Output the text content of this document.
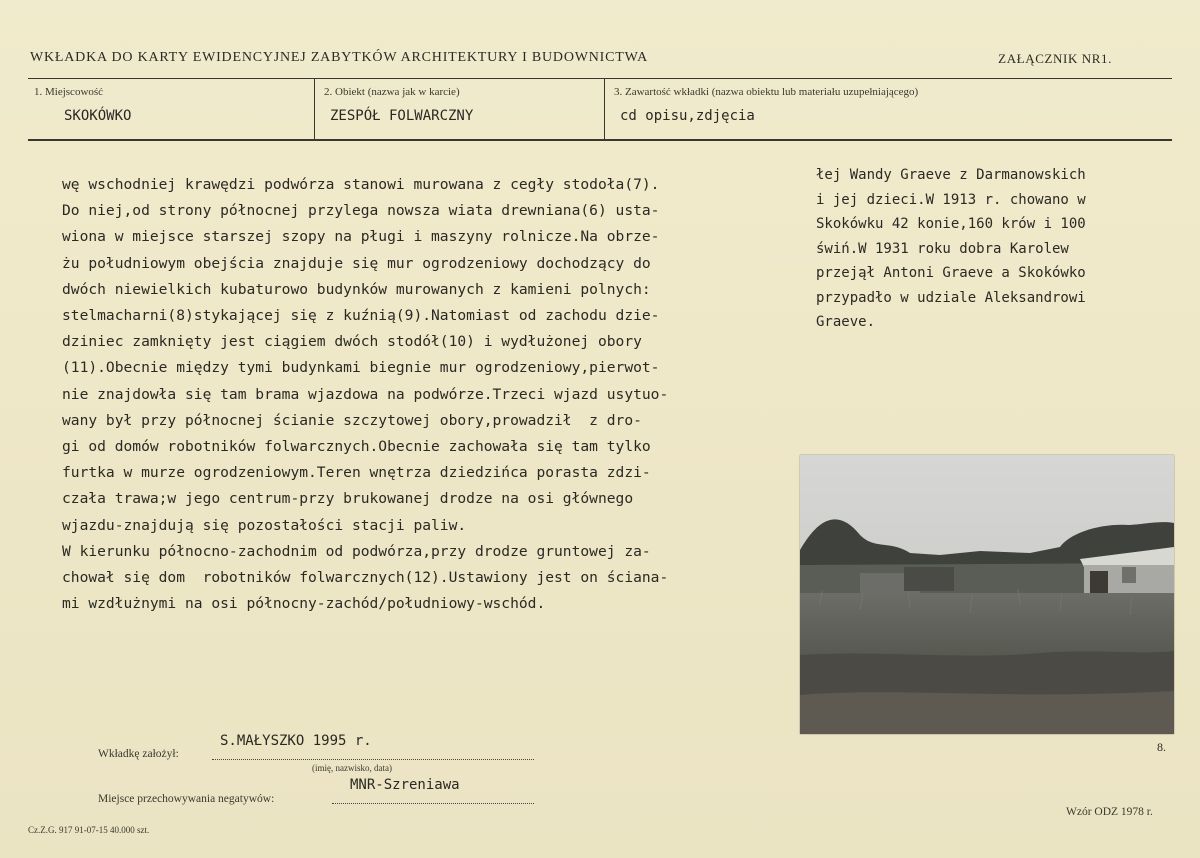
WKŁADKA DO KARTY EWIDENCYJNEJ ZABYTKÓW ARCHITEKTURY I BUDOWNICTWA	ZAŁĄCZNIK NR1.
1. Miejscowość
SKOKÓWKO
2. Obiekt (nazwa jak w karcie)
ZESPÓŁ FOLWARCZNY
3. Zawartość wkładki (nazwa obiektu lub materiału uzupełniającego)
cd opisu,zdjęcia
wę wschodniej krawędzi podwórza stanowi murowana z cegły stodoła(7).
Do niej,od strony północnej przylega nowsza wiata drewniana(6) usta-
wiona w miejsce starszej szopy na pługi i maszyny rolnicze.Na obrze-
żu południowym obejścia znajduje się mur ogrodzeniowy dochodzący do
dwóch niewielkich kubaturowo budynków murowanych z kamieni polnych:
stelmacharni(8)stykającej się z kuźnią(9).Natomiast od zachodu dzie-
dziniec zamknięty jest ciągiem dwóch stodół(10) i wydłużonej obory
(11).Obecnie między tymi budynkami biegnie mur ogrodzeniowy,pierwot-
nie znajdowła się tam brama wjazdowa na podwórze.Trzeci wjazd usytuo-
wany był przy północnej ścianie szczytowej obory,prowadził  z dro-
gi od domów robotników folwarcznych.Obecnie zachowała się tam tylko
furtka w murze ogrodzeniowym.Teren wnętrza dziedzińca porasta zdzi-
czała trawa;w jego centrum-przy brukowanej drodze na osi głównego
wjazdu-znajdują się pozostałości stacji paliw.
W kierunku północno-zachodnim od podwórza,przy drodze gruntowej za-
chował się dom  robotników folwarcznych(12).Ustawiony jest on ściana-
mi wzdłużnymi na osi północny-zachód/południowy-wschód.
łej Wandy Graeve z Darmanowskich
i jej dzieci.W 1913 r. chowano w
Skokówku 42 konie,160 krów i 100
świń.W 1931 roku dobra Karolew
przejął Antoni Graeve a Skokówko
przypadło w udziale Aleksandrowi
Graeve.
8.
Wkładkę założył:
S.MAŁYSZKO 1995 r.
(imię, nazwisko, data)
Miejsce przechowywania negatywów:
MNR-Szreniawa
Cz.Z.G. 917 91-07-15 40.000 szt.
Wzór ODZ 1978 r.
